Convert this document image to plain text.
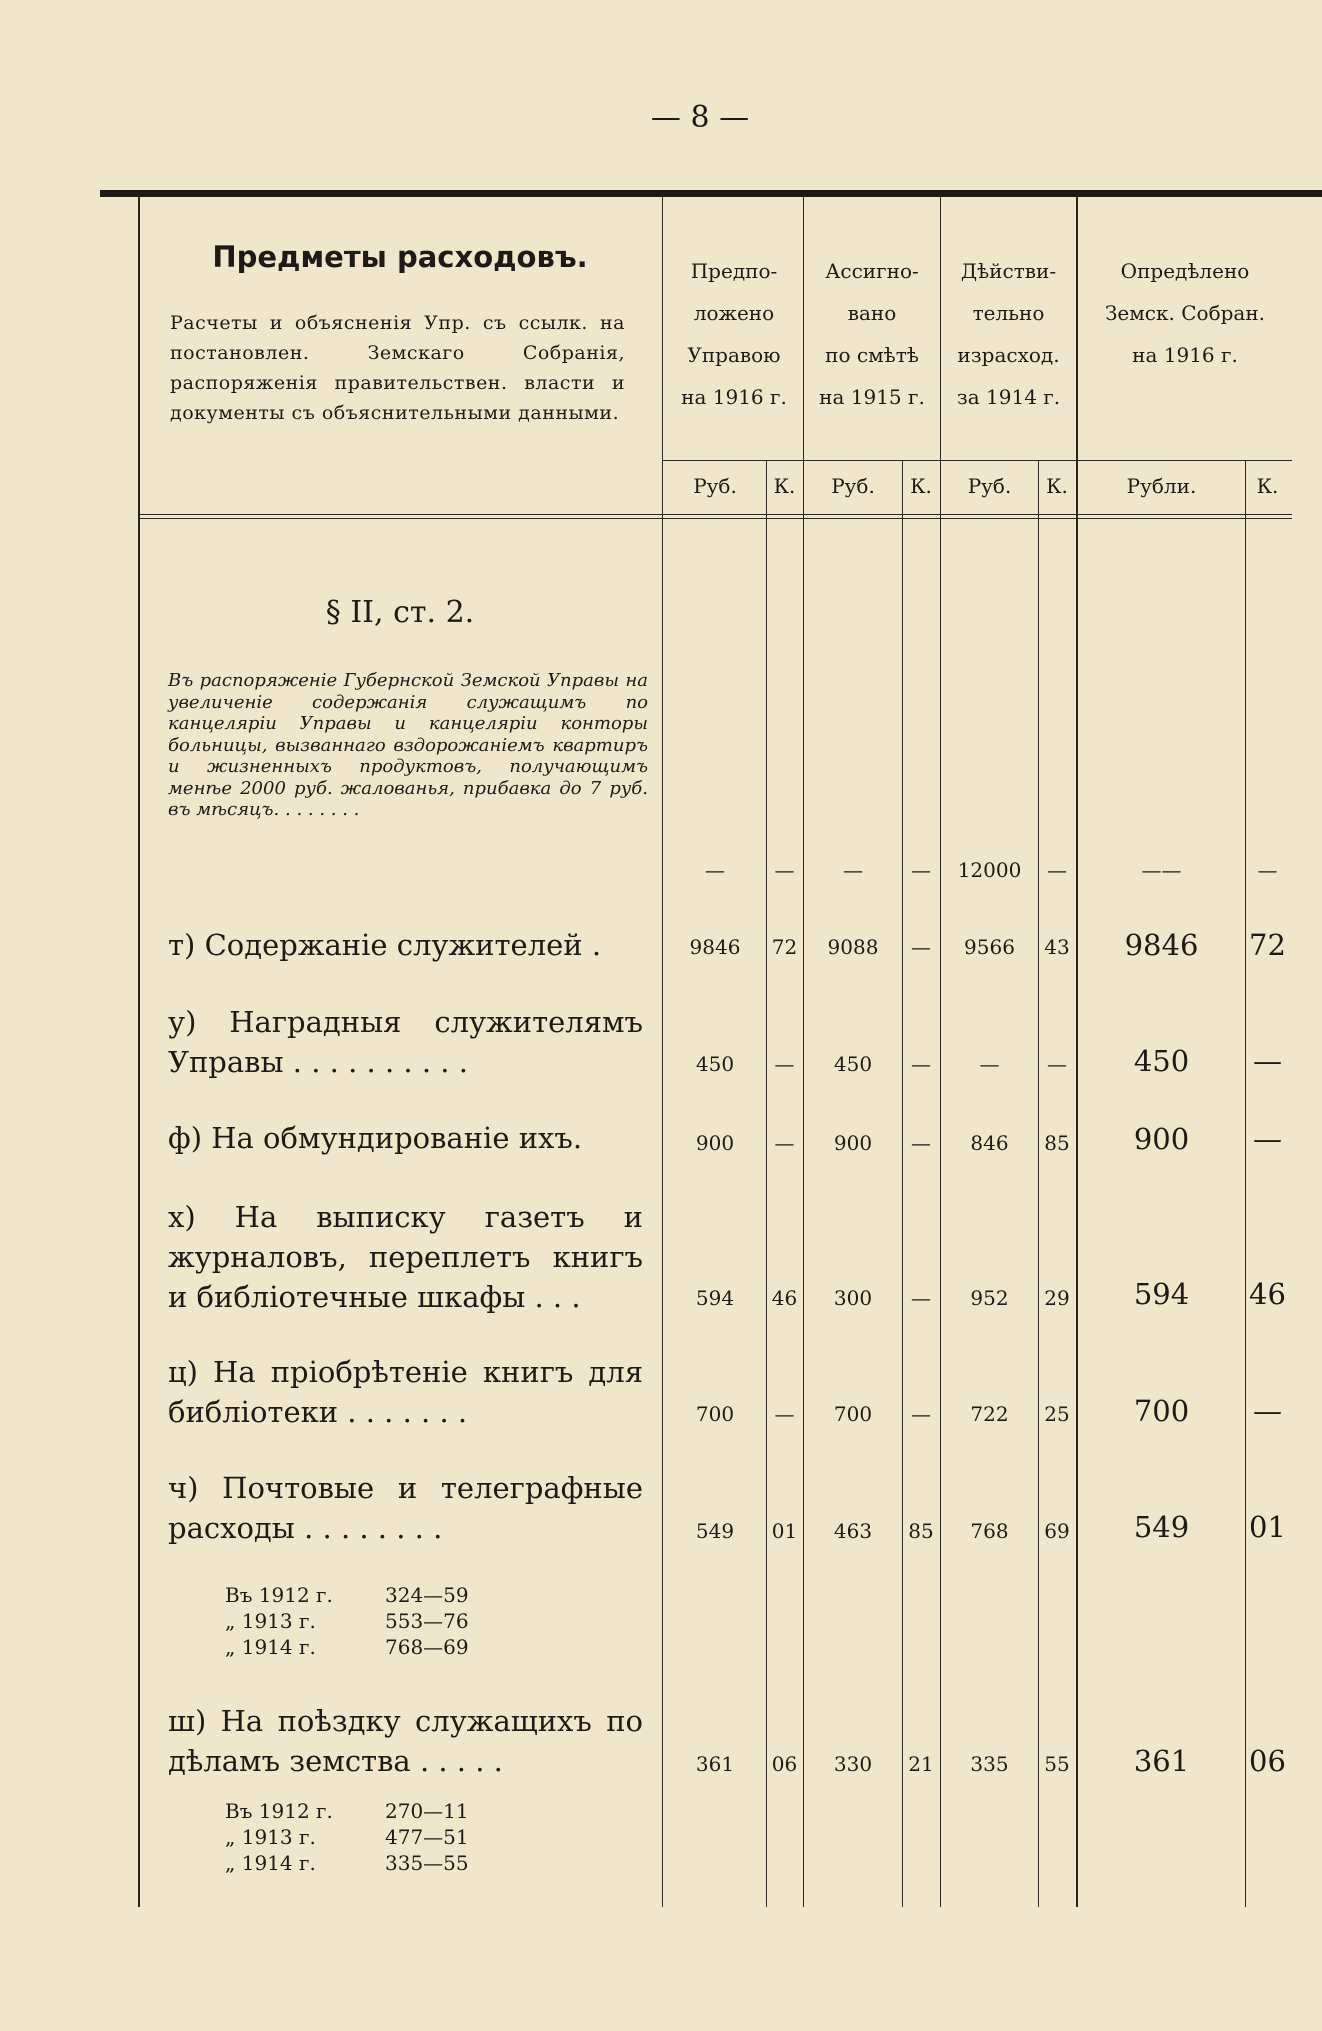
— 8 —
Предметы расходовъ.
Расчеты и объясненія Упр. съ ссылк. на постановлен. Земскаго Собранія, распоряженія правительствен. власти и документы съ объяснительными данными.
Предпо-
ложено
Управою
на 1916 г.
Ассигно-
вано
по смѣтѣ
на 1915 г.
Дѣйстви-
тельно
израсход.
за 1914 г.
Опредѣлено
Земск. Собран.
на 1916 г.
Руб.	К.	Руб.	К.	Руб.	К.	Рубли.	К.
§ II, ст. 2.
Въ распоряженіе Губернской Земской Управы на увеличеніе содержанія служащимъ по канцеляріи Управы и канцеляріи конторы больницы, вызваннаго вздорожаніемъ квартиръ и жизненныхъ продуктовъ, получающимъ менѣе 2000 руб. жалованья, прибавка до 7 руб. въ мѣсяцъ. . . . . . . .
—	—	—	—	12000	—	——	—
т) Содержаніе служителей .	9846	72	9088	—	9566	43	9846	72
у) Наградныя служителямъ Управы . . . . . . . . . .	450	—	450	—	—	—	450	—
ф) На обмундированіе ихъ.	900	—	900	—	846	85	900	—
х) На выписку газетъ и журналовъ, переплетъ книгъ и библіотечные шкафы . . .	594	46	300	—	952	29	594	46
ц) На пріобрѣтеніе книгъ для библіотеки . . . . . . .	700	—	700	—	722	25	700	—
ч) Почтовые и телеграфные расходы . . . . . . . .	549	01	463	85	768	69	549	01
Въ 1912 г.	324—59
„ 1913 г.	553—76
„ 1914 г.	768—69
ш) На поѣздку служащихъ по дѣламъ земства . . . . .	361	06	330	21	335	55	361	06
Въ 1912 г.	270—11
„ 1913 г.	477—51
„ 1914 г.	335—55
